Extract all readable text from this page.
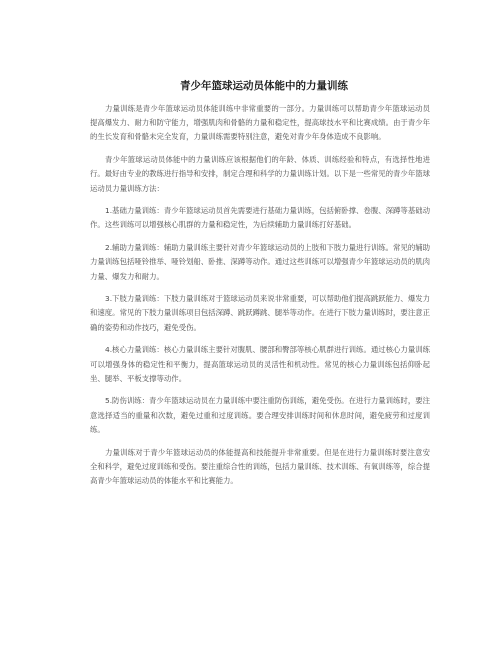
青少年篮球运动员体能中的力量训练

力量训练是青少年篮球运动员体能训练中非常重要的一部分。力量训练可以帮助青少年篮球运动员提高爆发力、耐力和防守能力，增强肌肉和骨骼的力量和稳定性，提高球技水平和比赛成绩。由于青少年的生长发育和骨骼未完全发育，力量训练需要特别注意，避免对青少年身体造成不良影响。

青少年篮球运动员体能中的力量训练应该根据他们的年龄、体质、训练经验和特点，有选择性地进行。最好由专业的教练进行指导和安排，制定合理和科学的力量训练计划。以下是一些常见的青少年篮球运动员力量训练方法：

1.基础力量训练：青少年篮球运动员首先需要进行基础力量训练，包括俯卧撑、卷腹、深蹲等基础动作。这些训练可以增强核心肌群的力量和稳定性，为后续辅助力量训练打好基础。

2.辅助力量训练：辅助力量训练主要针对青少年篮球运动员的上肢和下肢力量进行训练。常见的辅助力量训练包括哑铃推举、哑铃划船、卧推、深蹲等动作。通过这些训练可以增强青少年篮球运动员的肌肉力量、爆发力和耐力。

3.下肢力量训练：下肢力量训练对于篮球运动员来说非常重要，可以帮助他们提高跳跃能力、爆发力和速度。常见的下肢力量训练项目包括深蹲、跳跃蹲跳、腿举等动作。在进行下肢力量训练时，要注意正确的姿势和动作技巧，避免受伤。

4.核心力量训练：核心力量训练主要针对腹肌、腰部和臀部等核心肌群进行训练。通过核心力量训练可以增强身体的稳定性和平衡力，提高篮球运动员的灵活性和机动性。常见的核心力量训练包括仰卧起坐、腿举、平板支撑等动作。

5.防伤训练：青少年篮球运动员在力量训练中要注重防伤训练，避免受伤。在进行力量训练时，要注意选择适当的重量和次数，避免过重和过度训练。要合理安排训练时间和休息时间，避免疲劳和过度训练。

力量训练对于青少年篮球运动员的体能提高和技能提升非常重要。但是在进行力量训练时要注意安全和科学，避免过度训练和受伤。要注重综合性的训练，包括力量训练、技术训练、有氧训练等，综合提高青少年篮球运动员的体能水平和比赛能力。
